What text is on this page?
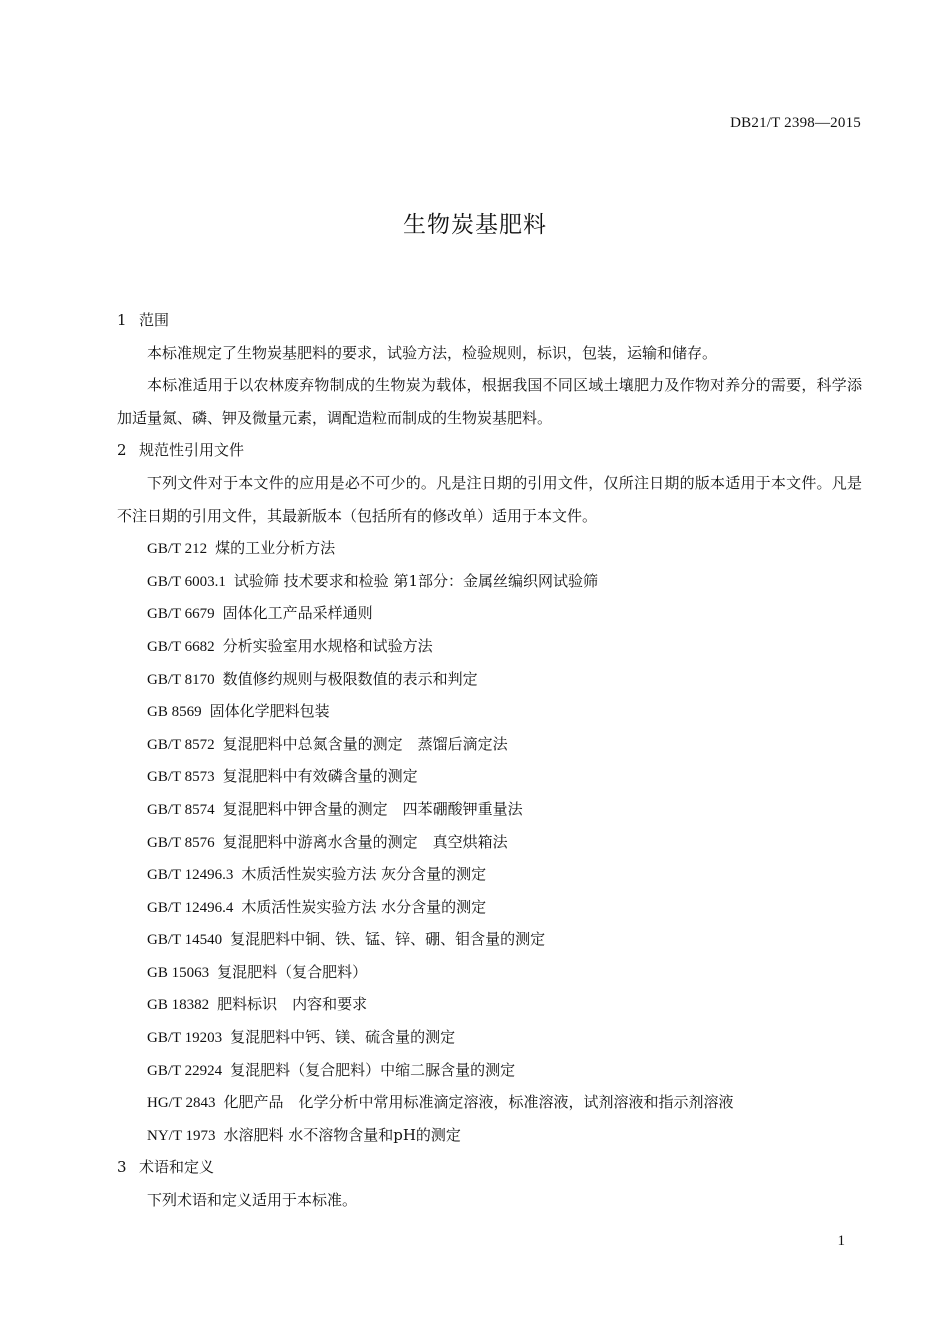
DB21/T 2398—2015
生物炭基肥料
1 范围

本标准规定了生物炭基肥料的要求，试验方法，检验规则，标识，包装，运输和储存。

本标准适用于以农林废弃物制成的生物炭为载体，根据我国不同区域土壤肥力及作物对养分的需要，科学添加适量氮、磷、钾及微量元素，调配造粒而制成的生物炭基肥料。

2 规范性引用文件

下列文件对于本文件的应用是必不可少的。凡是注日期的引用文件，仅所注日期的版本适用于本文件。凡是不注日期的引用文件，其最新版本（包括所有的修改单）适用于本文件。

GB/T 212 煤的工业分析方法
GB/T 6003.1 试验筛 技术要求和检验 第1部分：金属丝编织网试验筛
GB/T 6679 固体化工产品采样通则
GB/T 6682 分析实验室用水规格和试验方法
GB/T 8170 数值修约规则与极限数值的表示和判定
GB 8569 固体化学肥料包装
GB/T 8572 复混肥料中总氮含量的测定　蒸馏后滴定法
GB/T 8573 复混肥料中有效磷含量的测定
GB/T 8574 复混肥料中钾含量的测定　四苯硼酸钾重量法
GB/T 8576 复混肥料中游离水含量的测定　真空烘箱法
GB/T 12496.3 木质活性炭实验方法 灰分含量的测定
GB/T 12496.4 木质活性炭实验方法 水分含量的测定
GB/T 14540 复混肥料中铜、铁、锰、锌、硼、钼含量的测定
GB 15063 复混肥料（复合肥料）
GB 18382 肥料标识　内容和要求
GB/T 19203 复混肥料中钙、镁、硫含量的测定
GB/T 22924 复混肥料（复合肥料）中缩二脲含量的测定
HG/T 2843 化肥产品　化学分析中常用标准滴定溶液，标准溶液，试剂溶液和指示剂溶液
NY/T 1973 水溶肥料 水不溶物含量和pH的测定
3 术语和定义

下列术语和定义适用于本标准。

1
